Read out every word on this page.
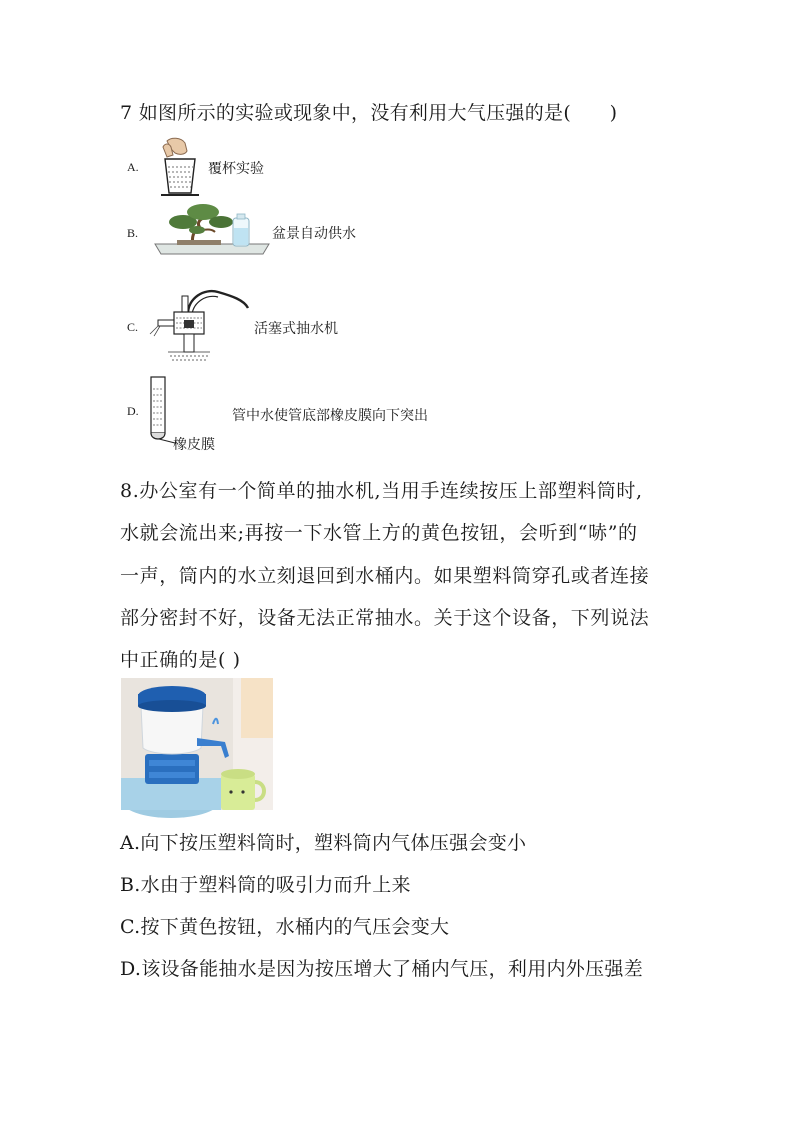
7 如图所示的实验或现象中，没有利用大气压强的是(　　)
A.	覆杯实验
B.	盆景自动供水
C.	活塞式抽水机
D.	管中水使管底部橡皮膜向下突出
橡皮膜
8.办公室有一个简单的抽水机,当用手连续按压上部塑料筒时,
水就会流出来;再按一下水管上方的黄色按钮，会听到“哧”的
一声，筒内的水立刻退回到水桶内。如果塑料筒穿孔或者连接
部分密封不好，设备无法正常抽水。关于这个设备，下列说法
中正确的是( )
A.向下按压塑料筒时，塑料筒内气体压强会变小
B.水由于塑料筒的吸引力而升上来
C.按下黄色按钮，水桶内的气压会变大
D.该设备能抽水是因为按压增大了桶内气压，利用内外压强差
